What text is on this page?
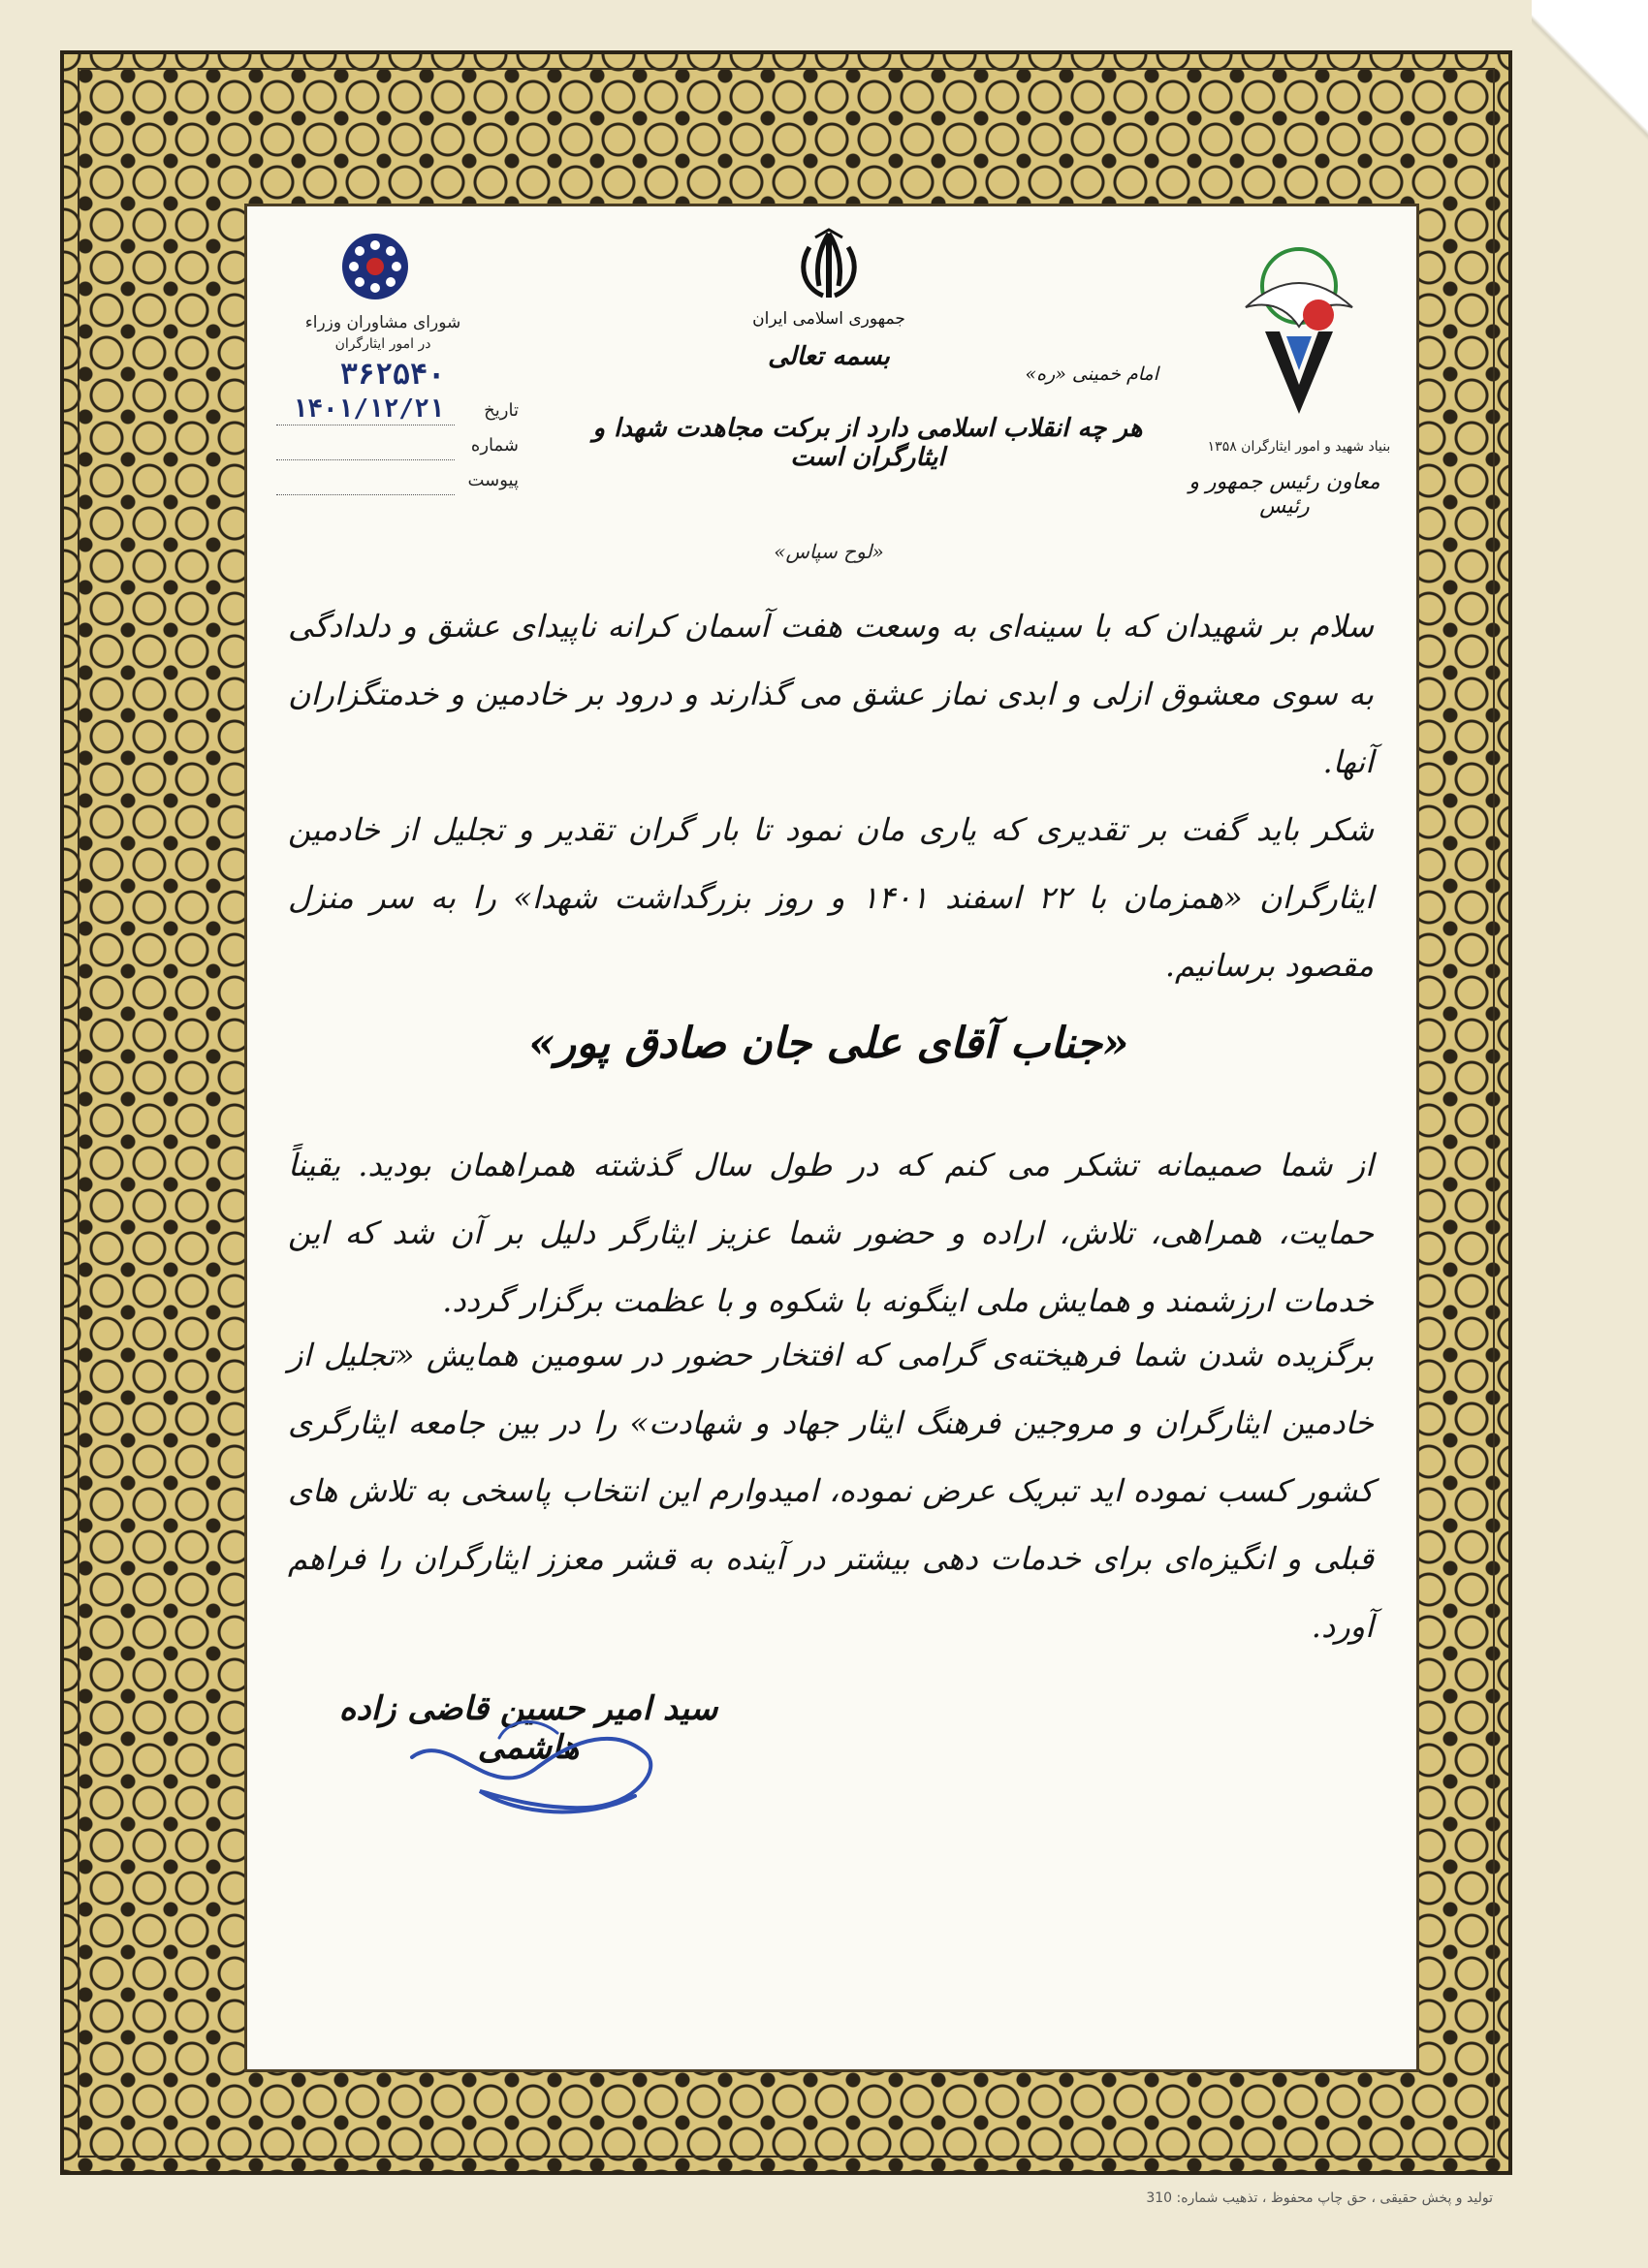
بنیاد شهید و امور ایثارگران ۱۳۵۸
معاون رئیس جمهور و رئیس
جمهوری اسلامی ایران
بسمه تعالی
امام خمینی «ره»
هر چه انقلاب اسلامی دارد از برکت مجاهدت شهدا و ایثارگران است
شورای مشاوران وزراء
در امور ایثارگران
۳۶۲۵۴۰
تاریخ
۱۴۰۱/۱۲/۲۱
شماره
پیوست
«لوح سپاس»
سلام بر شهیدان که با سینه‌ای به وسعت هفت آسمان کرانه ناپیدای عشق و دلدادگی به سوی معشوق ازلی و ابدی نماز عشق می گذارند و درود بر خادمین و خدمتگزاران آنها.
شکر باید گفت بر تقدیری که یاری مان نمود تا بار گران تقدیر و تجلیل از خادمین ایثارگران «همزمان با ۲۲ اسفند ۱۴۰۱ و روز بزرگداشت شهدا» را به سر منزل مقصود برسانیم.
«جناب آقای علی جان صادق پور»
از شما صمیمانه تشکر می کنم که در طول سال گذشته همراهمان بودید. یقیناً حمایت، همراهی، تلاش، اراده و حضور شما عزیز ایثارگر دلیل بر آن شد که این خدمات ارزشمند و همایش ملی اینگونه با شکوه و با عظمت برگزار گردد.
برگزیده شدن شما فرهیخته‌ی گرامی که افتخار حضور در سومین همایش «تجلیل از خادمین ایثارگران و مروجین فرهنگ ایثار جهاد و شهادت» را در بین جامعه ایثارگری کشور کسب نموده اید تبریک عرض نموده، امیدوارم این انتخاب پاسخی به تلاش های قبلی و انگیزه‌ای برای خدمات دهی بیشتر در آینده به قشر معزز ایثارگران را فراهم آورد.
سید امیر حسین قاضی زاده هاشمی
تولید و پخش حقیقی ، حق چاپ محفوظ ، تذهیب شماره: 310
